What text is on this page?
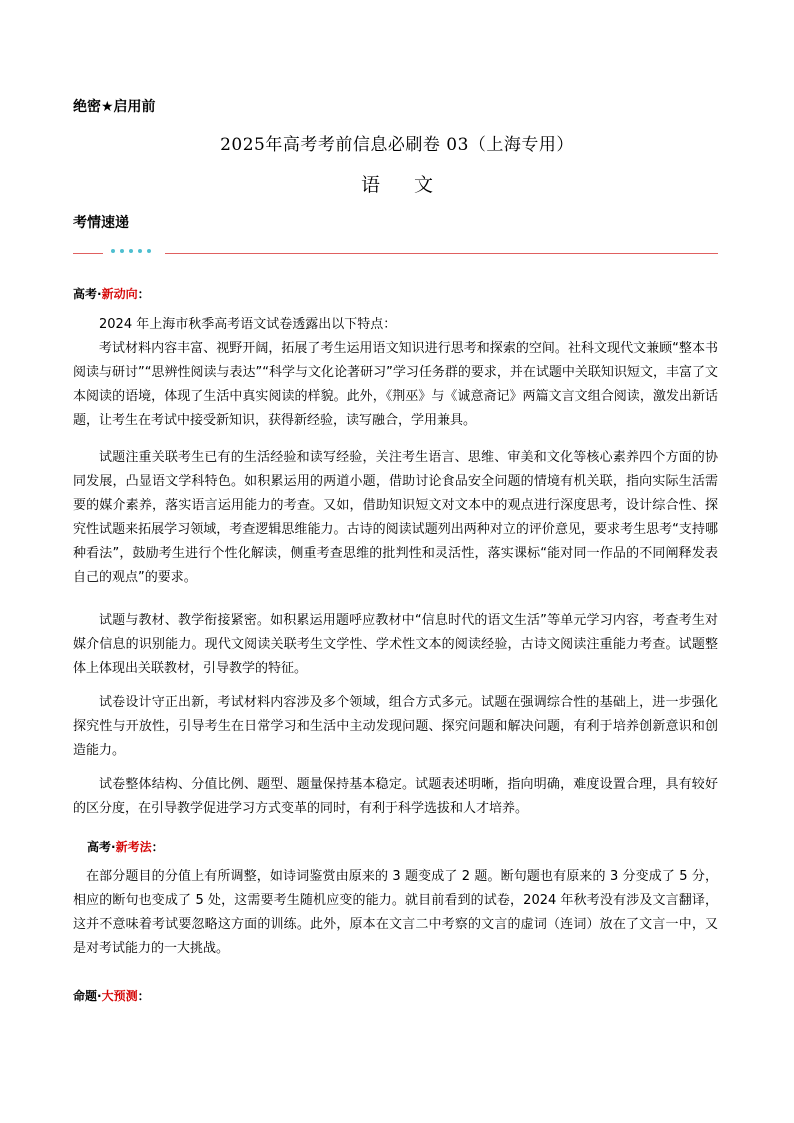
绝密★启用前
2025年高考考前信息必刷卷 03（上海专用）
语 文
考情速递
高考·新动向：

2024 年上海市秋季高考语文试卷透露出以下特点：

考试材料内容丰富、视野开阔，拓展了考生运用语文知识进行思考和探索的空间。社科文现代文兼顾“整本书阅读与研讨”“思辨性阅读与表达”“科学与文化论著研习”学习任务群的要求，并在试题中关联知识短文，丰富了文本阅读的语境，体现了生活中真实阅读的样貌。此外，《荆巫》与《诚意斋记》两篇文言文组合阅读，激发出新话题，让考生在考试中接受新知识，获得新经验，读写融合，学用兼具。

试题注重关联考生已有的生活经验和读写经验，关注考生语言、思维、审美和文化等核心素养四个方面的协同发展，凸显语文学科特色。如积累运用的两道小题，借助讨论食品安全问题的情境有机关联，指向实际生活需要的媒介素养，落实语言运用能力的考查。又如，借助知识短文对文本中的观点进行深度思考，设计综合性、探究性试题来拓展学习领域，考查逻辑思维能力。古诗的阅读试题列出两种对立的评价意见，要求考生思考“支持哪种看法”，鼓励考生进行个性化解读，侧重考查思维的批判性和灵活性，落实课标“能对同一作品的不同阐释发表自己的观点”的要求。

试题与教材、教学衔接紧密。如积累运用题呼应教材中“信息时代的语文生活”等单元学习内容，考查考生对媒介信息的识别能力。现代文阅读关联考生文学性、学术性文本的阅读经验，古诗文阅读注重能力考查。试题整体上体现出关联教材，引导教学的特征。

试卷设计守正出新，考试材料内容涉及多个领域，组合方式多元。试题在强调综合性的基础上，进一步强化探究性与开放性，引导考生在日常学习和生活中主动发现问题、探究问题和解决问题，有利于培养创新意识和创造能力。

试卷整体结构、分值比例、题型、题量保持基本稳定。试题表述明晰，指向明确，难度设置合理，具有较好的区分度，在引导教学促进学习方式变革的同时，有利于科学选拔和人才培养。

高考·新考法：

在部分题目的分值上有所调整，如诗词鉴赏由原来的 3 题变成了 2 题。断句题也有原来的 3 分变成了 5 分，相应的断句也变成了 5 处，这需要考生随机应变的能力。就目前看到的试卷，2024 年秋考没有涉及文言翻译，这并不意味着考试要忽略这方面的训练。此外，原本在文言二中考察的文言的虚词（连词）放在了文言一中，又是对考试能力的一大挑战。

命题·大预测：
